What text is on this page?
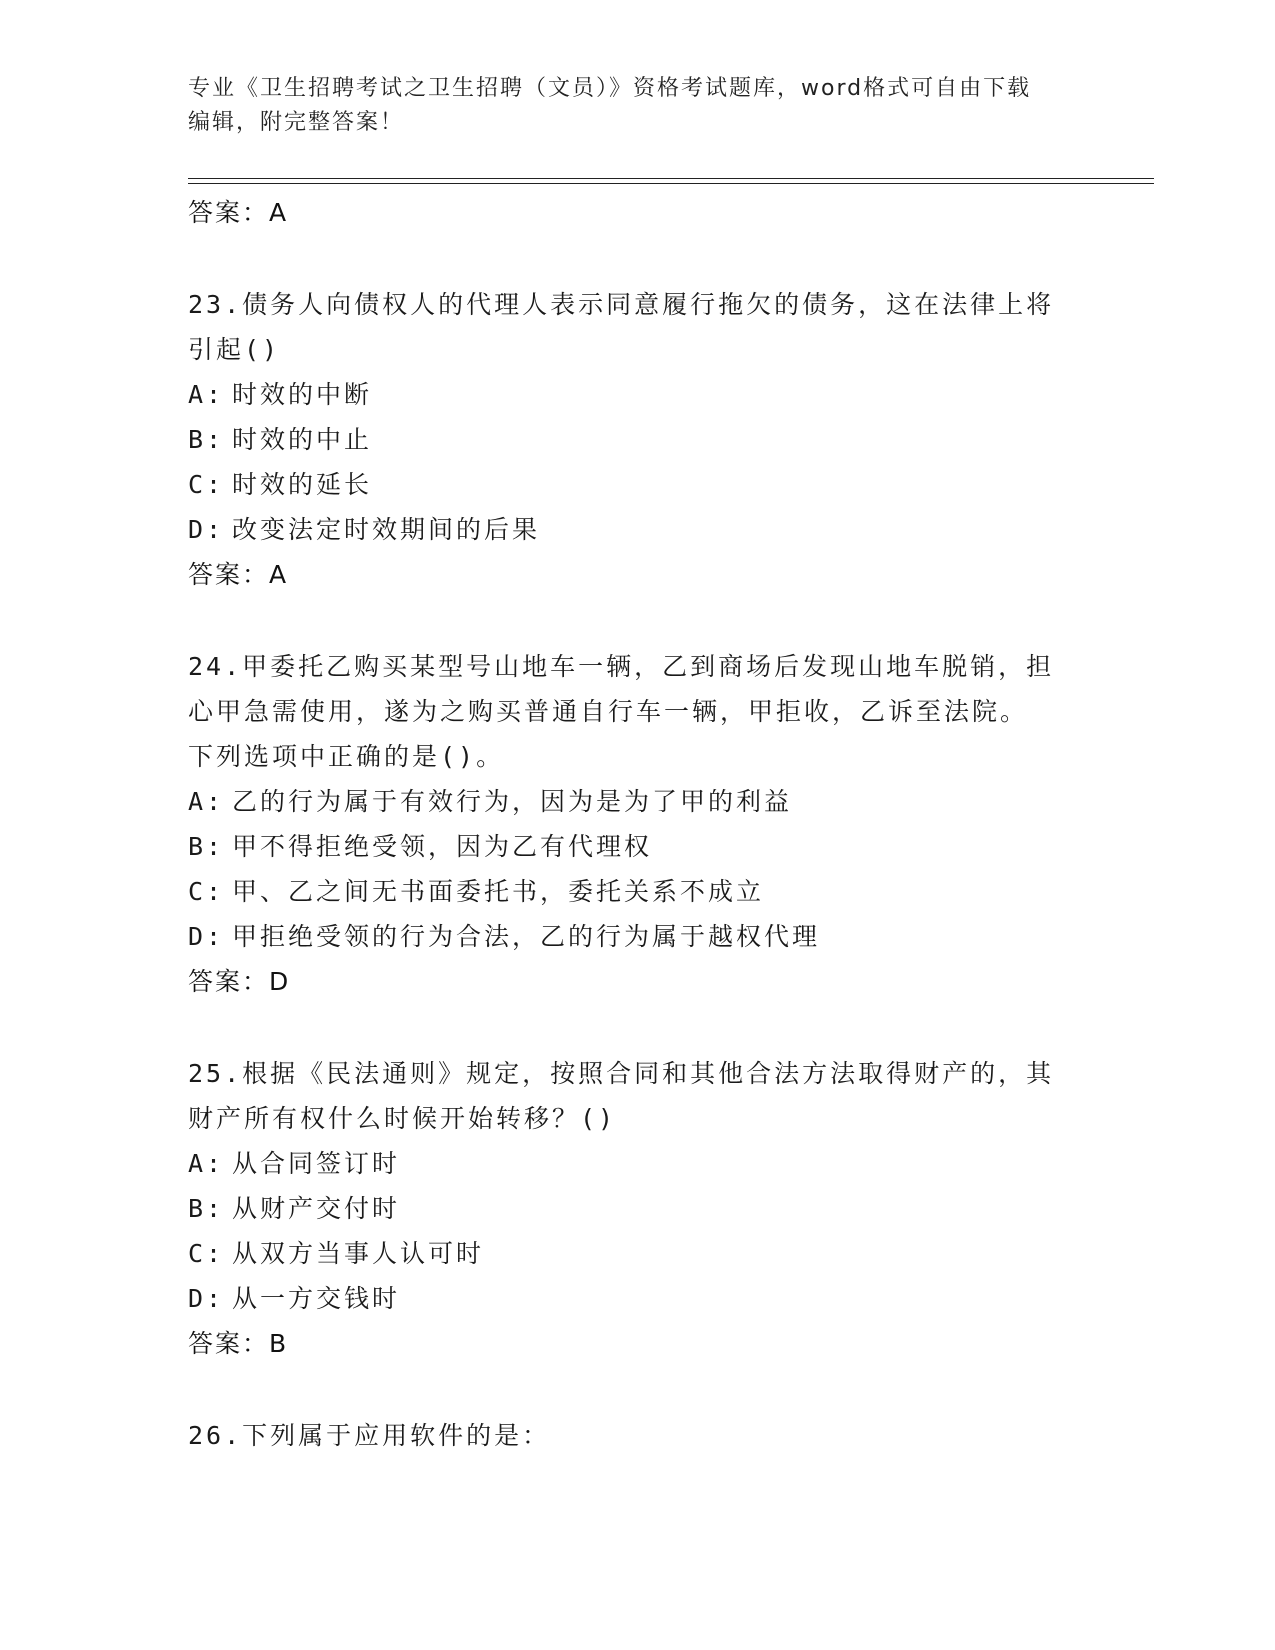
专业《卫生招聘考试之卫生招聘（文员）》资格考试题库，word格式可自由下载
编辑，附完整答案！

答案：A

23.债务人向债权人的代理人表示同意履行拖欠的债务，这在法律上将

引起()

A: 时效的中断

B: 时效的中止

C: 时效的延长

D: 改变法定时效期间的后果

答案：A

24.甲委托乙购买某型号山地车一辆，乙到商场后发现山地车脱销，担

心甲急需使用，遂为之购买普通自行车一辆，甲拒收，乙诉至法院。

下列选项中正确的是()。

A: 乙的行为属于有效行为，因为是为了甲的利益

B: 甲不得拒绝受领，因为乙有代理权

C: 甲、乙之间无书面委托书，委托关系不成立

D: 甲拒绝受领的行为合法，乙的行为属于越权代理

答案：D

25.根据《民法通则》规定，按照合同和其他合法方法取得财产的，其

财产所有权什么时候开始转移？()

A: 从合同签订时

B: 从财产交付时

C: 从双方当事人认可时

D: 从一方交钱时

答案：B

26.下列属于应用软件的是：
